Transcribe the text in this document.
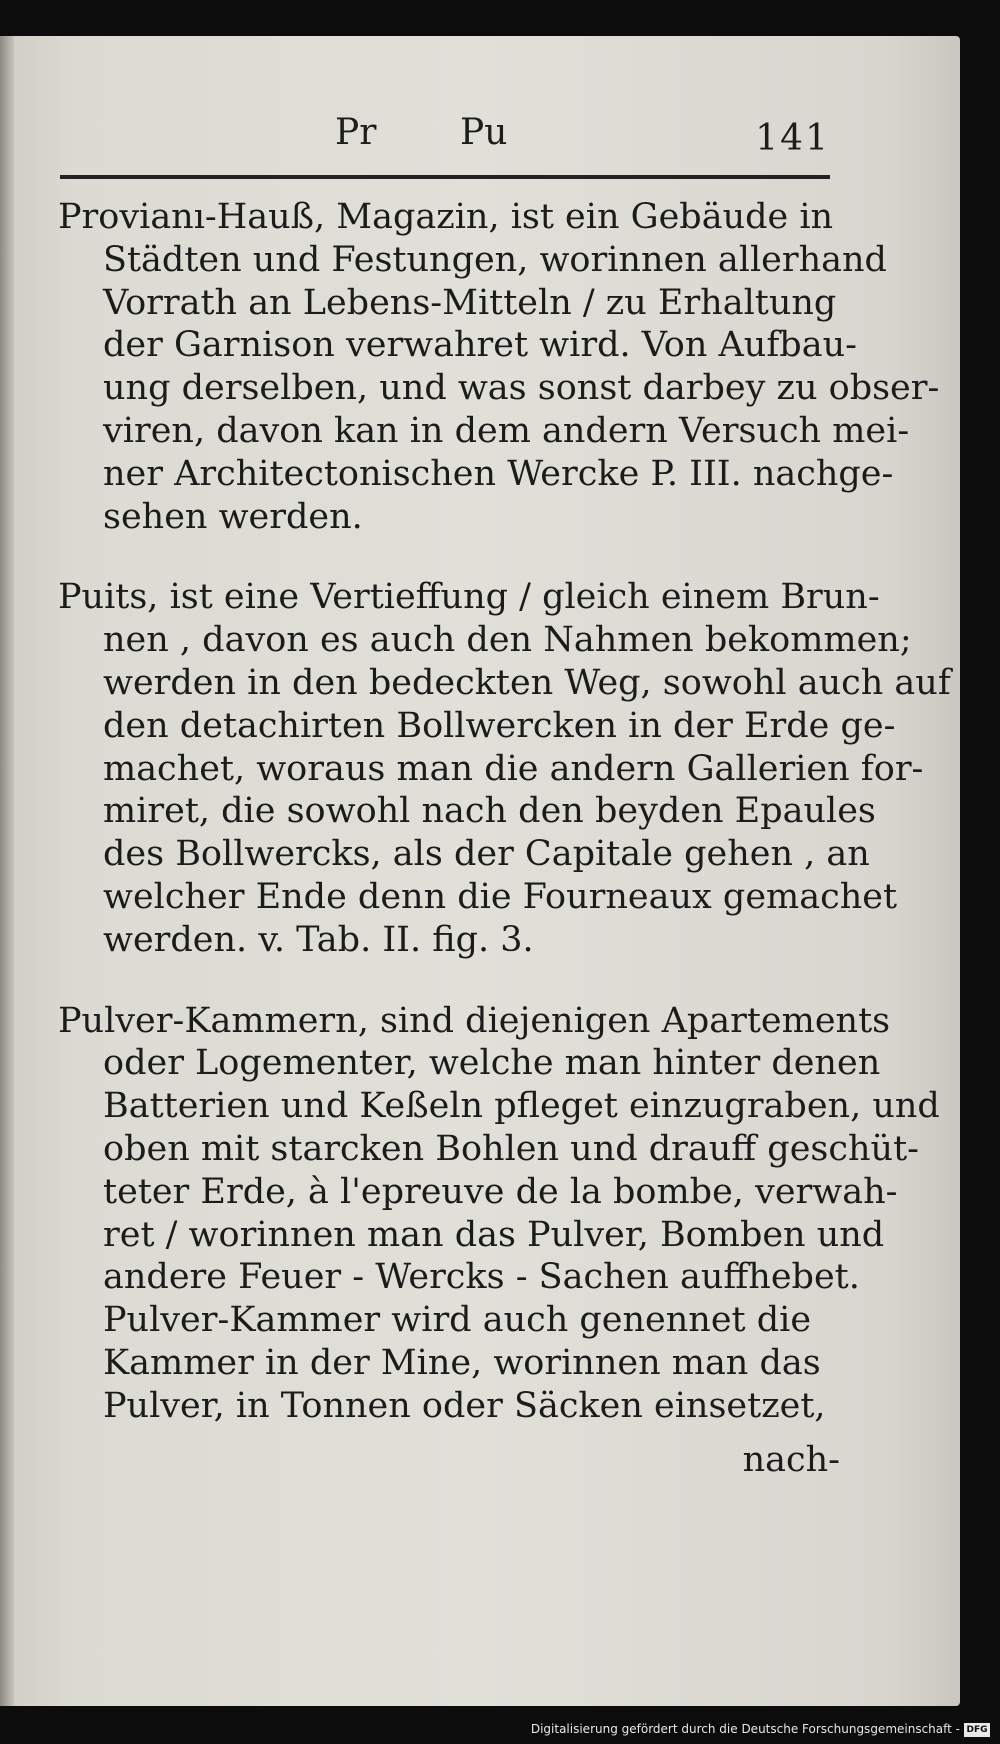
Pr Pu	141
Provianı-Hauß, Magazin, ist ein Gebäude in
Städten und Festungen, worinnen allerhand
Vorrath an Lebens-Mitteln / zu Erhaltung
der Garnison verwahret wird. Von Aufbau-
ung derselben, und was sonst darbey zu obser-
viren, davon kan in dem andern Versuch mei-
ner Architectonischen Wercke P. III. nachge-
sehen werden.
Puits, ist eine Vertieffung / gleich einem Brun-
nen , davon es auch den Nahmen bekommen;
werden in den bedeckten Weg, sowohl auch auf
den detachirten Bollwercken in der Erde ge-
machet, woraus man die andern Gallerien for-
miret, die sowohl nach den beyden Epaules
des Bollwercks, als der Capitale gehen , an
welcher Ende denn die Fourneaux gemachet
werden. v. Tab. II. fig. 3.
Pulver-Kammern, sind diejenigen Apartements
oder Logementer, welche man hinter denen
Batterien und Keßeln pfleget einzugraben, und
oben mit starcken Bohlen und drauff geschüt-
teter Erde, à l'epreuve de la bombe, verwah-
ret / worinnen man das Pulver, Bomben und
andere Feuer - Wercks - Sachen auffhebet.
Pulver-Kammer wird auch genennet die
Kammer in der Mine, worinnen man das
Pulver, in Tonnen oder Säcken einsetzet,
nach-
Digitalisierung gefördert durch die Deutsche Forschungsgemeinschaft - DFG
